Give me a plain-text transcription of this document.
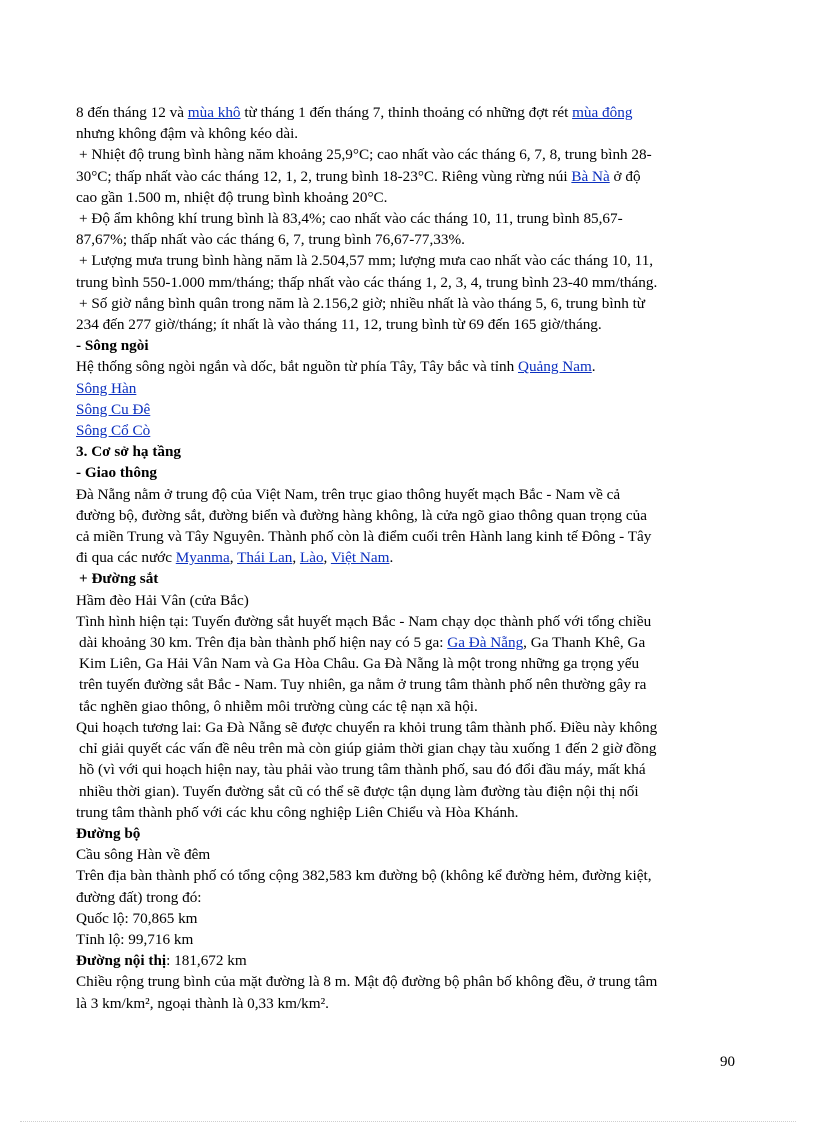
8 đến tháng 12 và mùa khô từ tháng 1 đến tháng 7, thỉnh thoảng có những đợt rét mùa đông
nhưng không đậm và không kéo dài.
+ Nhiệt độ trung bình hàng năm khoảng 25,9°C; cao nhất vào các tháng 6, 7, 8, trung bình 28-
30°C; thấp nhất vào các tháng 12, 1, 2, trung bình 18-23°C. Riêng vùng rừng núi Bà Nà ở độ
cao gần 1.500 m, nhiệt độ trung bình khoảng 20°C.
+ Độ ẩm không khí trung bình là 83,4%; cao nhất vào các tháng 10, 11, trung bình 85,67-
87,67%; thấp nhất vào các tháng 6, 7, trung bình 76,67-77,33%.
+ Lượng mưa trung bình hàng năm là 2.504,57 mm; lượng mưa cao nhất vào các tháng 10, 11,
trung bình 550-1.000 mm/tháng; thấp nhất vào các tháng 1, 2, 3, 4, trung bình 23-40 mm/tháng.
+ Số giờ nắng bình quân trong năm là 2.156,2 giờ; nhiều nhất là vào tháng 5, 6, trung bình từ
234 đến 277 giờ/tháng; ít nhất là vào tháng 11, 12, trung bình từ 69 đến 165 giờ/tháng.
- Sông ngòi
Hệ thống sông ngòi ngắn và dốc, bắt nguồn từ phía Tây, Tây bắc và tỉnh Quảng Nam.
Sông Hàn
Sông Cu Đê
Sông Cổ Cò
3. Cơ sở hạ tầng
- Giao thông
Đà Nẵng nằm ở trung độ của Việt Nam, trên trục giao thông huyết mạch Bắc - Nam về cả
đường bộ, đường sắt, đường biển và đường hàng không, là cửa ngõ giao thông quan trọng của
cả miền Trung và Tây Nguyên. Thành phố còn là điểm cuối trên Hành lang kinh tế Đông - Tây
đi qua các nước Myanma, Thái Lan, Lào, Việt Nam.
+ Đường sắt
Hầm đèo Hải Vân (cửa Bắc)
Tình hình hiện tại: Tuyến đường sắt huyết mạch Bắc - Nam chạy dọc thành phố với tổng chiều
dài khoảng 30 km. Trên địa bàn thành phố hiện nay có 5 ga: Ga Đà Nẵng, Ga Thanh Khê, Ga
Kim Liên, Ga Hải Vân Nam và Ga Hòa Châu. Ga Đà Nẵng là một trong những ga trọng yếu
trên tuyến đường sắt Bắc - Nam. Tuy nhiên, ga nằm ở trung tâm thành phố nên thường gây ra
tắc nghẽn giao thông, ô nhiễm môi trường cùng các tệ nạn xã hội.
Qui hoạch tương lai: Ga Đà Nẵng sẽ được chuyển ra khỏi trung tâm thành phố. Điều này không
chỉ giải quyết các vấn đề nêu trên mà còn giúp giảm thời gian chạy tàu xuống 1 đến 2 giờ đồng
hồ (vì với qui hoạch hiện nay, tàu phải vào trung tâm thành phố, sau đó đổi đầu máy, mất khá
nhiều thời gian). Tuyến đường sắt cũ có thể sẽ được tận dụng làm đường tàu điện nội thị nối
trung tâm thành phố với các khu công nghiệp Liên Chiểu và Hòa Khánh.
Đường bộ
Cầu sông Hàn về đêm
Trên địa bàn thành phố có tổng cộng 382,583 km đường bộ (không kể đường hẻm, đường kiệt,
đường đất) trong đó:
Quốc lộ: 70,865 km
Tỉnh lộ: 99,716 km
Đường nội thị: 181,672 km
Chiều rộng trung bình của mặt đường là 8 m. Mật độ đường bộ phân bố không đều, ở trung tâm
là 3 km/km², ngoại thành là 0,33 km/km².
90
